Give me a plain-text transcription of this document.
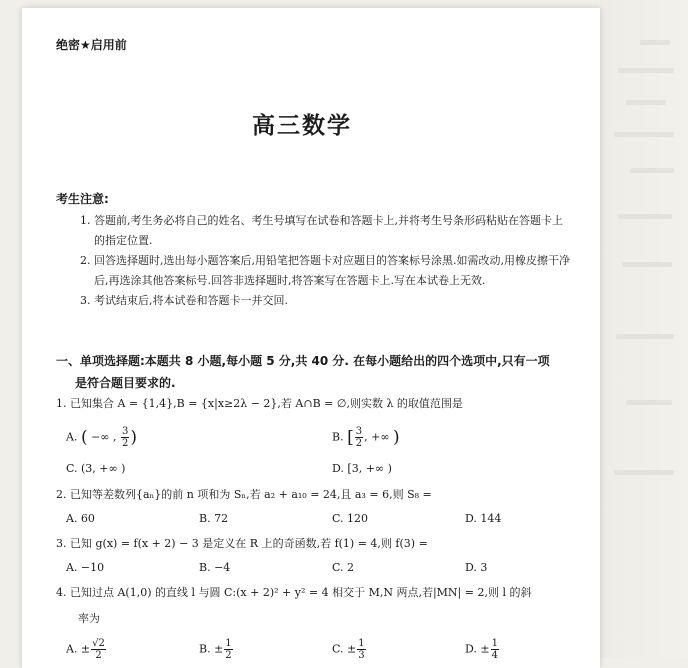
绝密★启用前
高三数学
考生注意:
1. 答题前,考生务必将自己的姓名、考生号填写在试卷和答题卡上,并将考生号条形码粘贴在答题卡上的指定位置.
2. 回答选择题时,选出每小题答案后,用铅笔把答题卡对应题目的答案标号涂黑.如需改动,用橡皮擦干净后,再选涂其他答案标号.回答非选择题时,将答案写在答题卡上.写在本试卷上无效.
3. 考试结束后,将本试卷和答题卡一并交回.
一、单项选择题:本题共 8 小题,每小题 5 分,共 40 分. 在每小题给出的四个选项中,只有一项
是符合题目要求的.
1. 已知集合 A = {1,4},B = {x|x≥2λ − 2},若 A∩B = ∅,则实数 λ 的取值范围是
A. ( −∞ , $\frac{3}{2}$ )	B. [ $\frac{3}{2}$ , +∞ )
C. (3, +∞ )	D. [3, +∞ )
2. 已知等差数列{aₙ}的前 n 项和为 Sₙ,若 a₂ + a₁₀ = 24,且 a₃ = 6,则 S₈ =
A. 60	B. 72	C. 120	D. 144
3. 已知 g(x) = f(x + 2) − 3 是定义在 R 上的奇函数,若 f(1) = 4,则 f(3) =
A. −10	B. −4	C. 2	D. 3
4. 已知过点 A(1,0) 的直线 l 与圆 C:(x + 2)² + y² = 4 相交于 M,N 两点,若|MN| = 2,则 l 的斜
率为
A. ± $\frac{√2}{2}$	B. ± $\frac{1}{2}$	C. ± $\frac{1}{3}$	D. ± $\frac{1}{4}$
